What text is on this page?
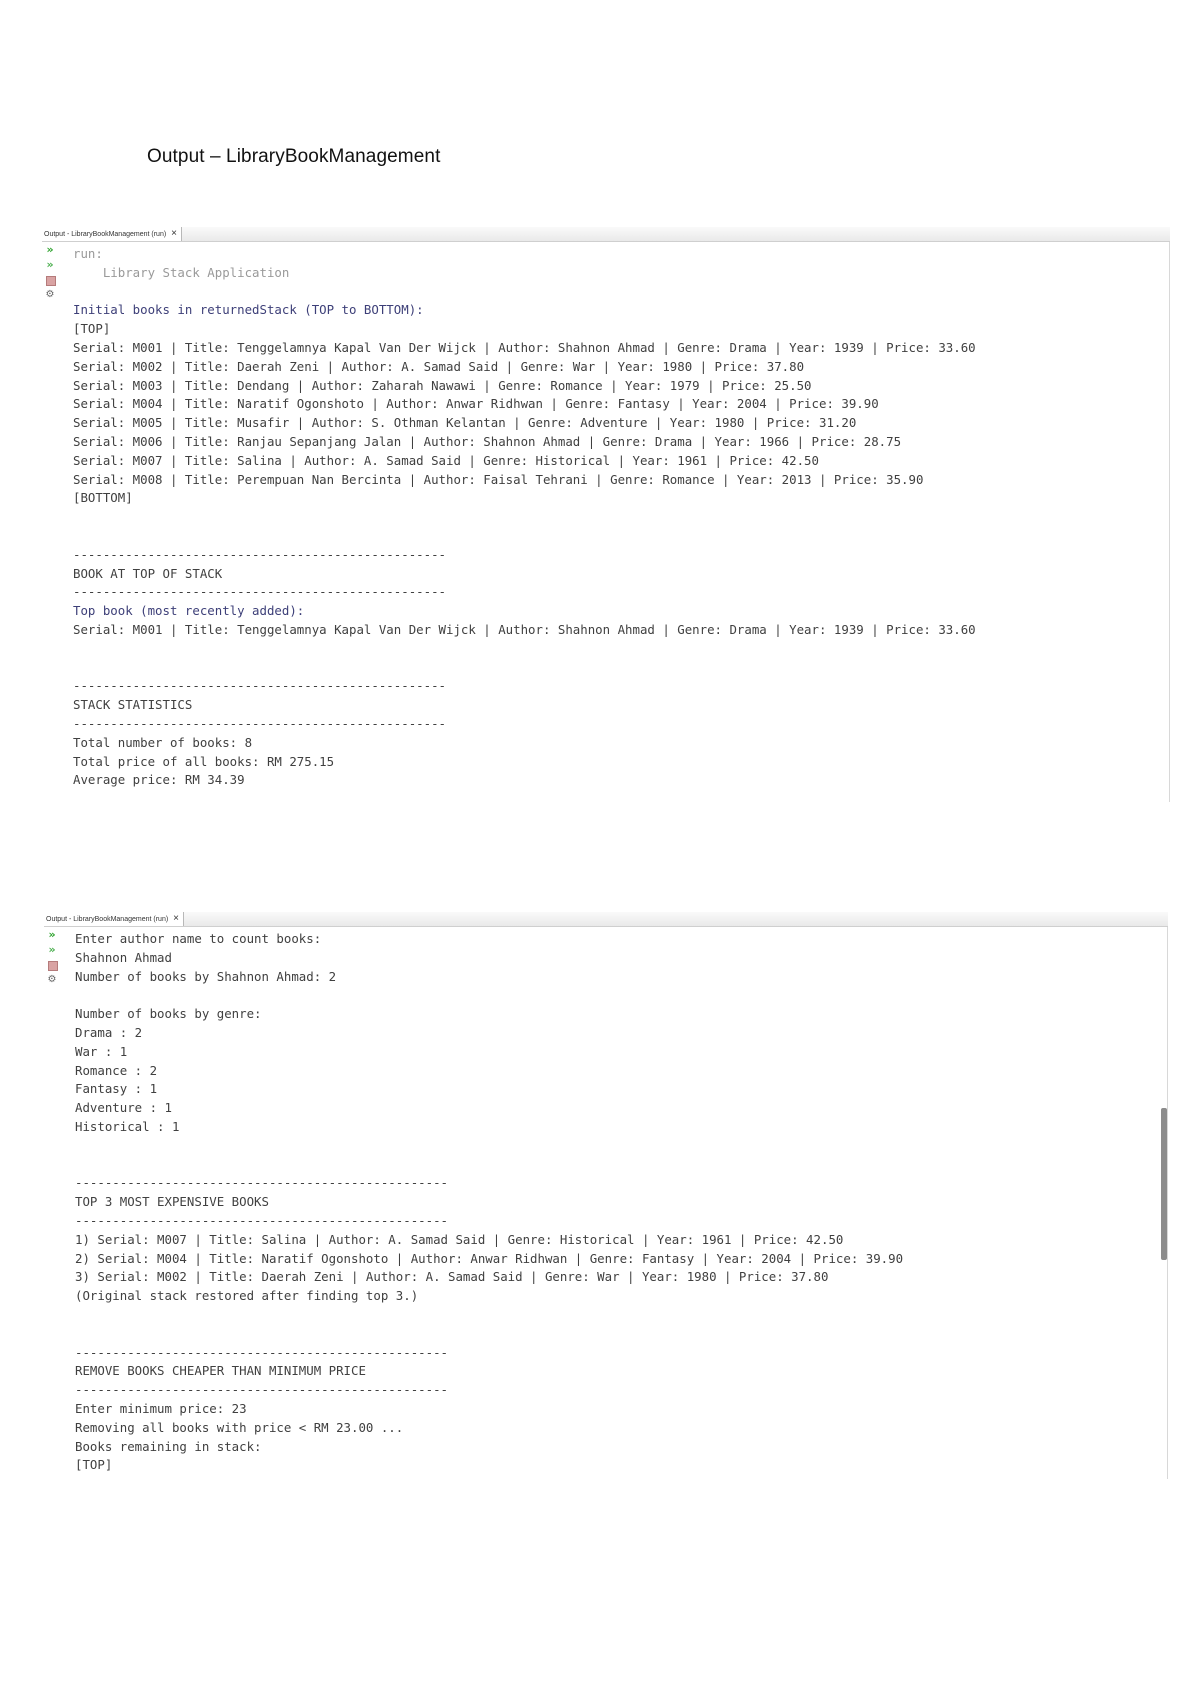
Output – LibraryBookManagement
Output - LibraryBookManagement (run) ×
»
»
⚙
run:
Library Stack Application
Initial books in returnedStack (TOP to BOTTOM):
[TOP]
Serial: M001 | Title: Tenggelamnya Kapal Van Der Wijck | Author: Shahnon Ahmad | Genre: Drama | Year: 1939 | Price: 33.60
Serial: M002 | Title: Daerah Zeni | Author: A. Samad Said | Genre: War | Year: 1980 | Price: 37.80
Serial: M003 | Title: Dendang | Author: Zaharah Nawawi | Genre: Romance | Year: 1979 | Price: 25.50
Serial: M004 | Title: Naratif Ogonshoto | Author: Anwar Ridhwan | Genre: Fantasy | Year: 2004 | Price: 39.90
Serial: M005 | Title: Musafir | Author: S. Othman Kelantan | Genre: Adventure | Year: 1980 | Price: 31.20
Serial: M006 | Title: Ranjau Sepanjang Jalan | Author: Shahnon Ahmad | Genre: Drama | Year: 1966 | Price: 28.75
Serial: M007 | Title: Salina | Author: A. Samad Said | Genre: Historical | Year: 1961 | Price: 42.50
Serial: M008 | Title: Perempuan Nan Bercinta | Author: Faisal Tehrani | Genre: Romance | Year: 2013 | Price: 35.90
[BOTTOM]
--------------------------------------------------
BOOK AT TOP OF STACK
--------------------------------------------------
Top book (most recently added):
Serial: M001 | Title: Tenggelamnya Kapal Van Der Wijck | Author: Shahnon Ahmad | Genre: Drama | Year: 1939 | Price: 33.60
--------------------------------------------------
STACK STATISTICS
--------------------------------------------------
Total number of books: 8
Total price of all books: RM 275.15
Average price: RM 34.39
Output - LibraryBookManagement (run) ×
»
»
⚙
Enter author name to count books:
Shahnon Ahmad
Number of books by Shahnon Ahmad: 2
Number of books by genre:
Drama : 2
War : 1
Romance : 2
Fantasy : 1
Adventure : 1
Historical : 1
--------------------------------------------------
TOP 3 MOST EXPENSIVE BOOKS
--------------------------------------------------
1) Serial: M007 | Title: Salina | Author: A. Samad Said | Genre: Historical | Year: 1961 | Price: 42.50
2) Serial: M004 | Title: Naratif Ogonshoto | Author: Anwar Ridhwan | Genre: Fantasy | Year: 2004 | Price: 39.90
3) Serial: M002 | Title: Daerah Zeni | Author: A. Samad Said | Genre: War | Year: 1980 | Price: 37.80
(Original stack restored after finding top 3.)
--------------------------------------------------
REMOVE BOOKS CHEAPER THAN MINIMUM PRICE
--------------------------------------------------
Enter minimum price: 23
Removing all books with price < RM 23.00 ...
Books remaining in stack:
[TOP]
